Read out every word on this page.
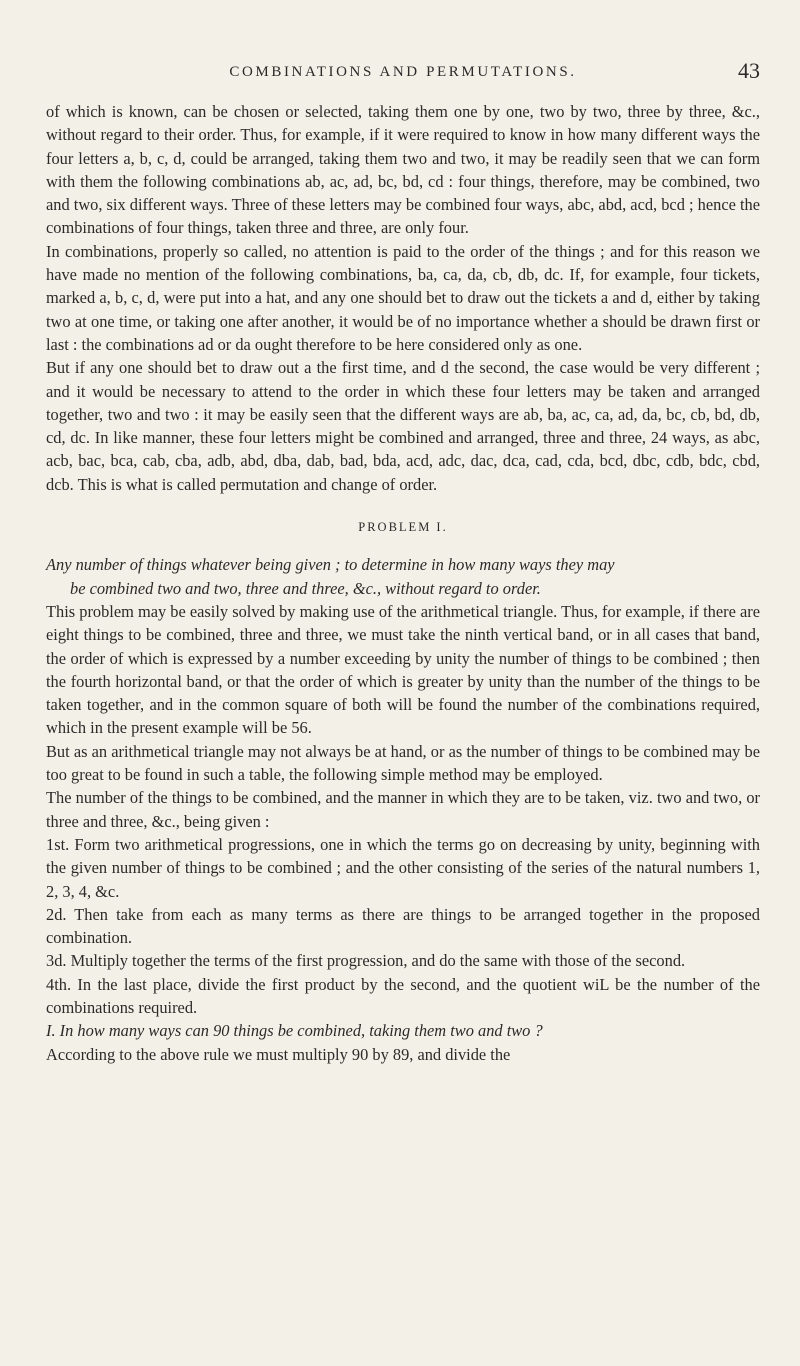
COMBINATIONS AND PERMUTATIONS.	43

of which is known, can be chosen or selected, taking them one by one, two by two, three by three, &c., without regard to their order. Thus, for example, if it were required to know in how many different ways the four letters a, b, c, d, could be arranged, taking them two and two, it may be readily seen that we can form with them the following combinations ab, ac, ad, bc, bd, cd : four things, therefore, may be combined, two and two, six different ways. Three of these letters may be combined four ways, abc, abd, acd, bcd ; hence the combinations of four things, taken three and three, are only four.

In combinations, properly so called, no attention is paid to the order of the things ; and for this reason we have made no mention of the following combinations, ba, ca, da, cb, db, dc. If, for example, four tickets, marked a, b, c, d, were put into a hat, and any one should bet to draw out the tickets a and d, either by taking two at one time, or taking one after another, it would be of no importance whether a should be drawn first or last : the combinations ad or da ought therefore to be here considered only as one.

But if any one should bet to draw out a the first time, and d the second, the case would be very different ; and it would be necessary to attend to the order in which these four letters may be taken and arranged together, two and two : it may be easily seen that the different ways are ab, ba, ac, ca, ad, da, bc, cb, bd, db, cd, dc. In like manner, these four letters might be combined and arranged, three and three, 24 ways, as abc, acb, bac, bca, cab, cba, adb, abd, dba, dab, bad, bda, acd, adc, dac, dca, cad, cda, bcd, dbc, cdb, bdc, cbd, dcb. This is what is called permutation and change of order.

PROBLEM I.

Any number of things whatever being given ; to determine in how many ways they may
be combined two and two, three and three, &c., without regard to order.

This problem may be easily solved by making use of the arithmetical triangle. Thus, for example, if there are eight things to be combined, three and three, we must take the ninth vertical band, or in all cases that band, the order of which is expressed by a number exceeding by unity the number of things to be combined ; then the fourth horizontal band, or that the order of which is greater by unity than the number of the things to be taken together, and in the common square of both will be found the number of the combinations required, which in the present example will be 56.

But as an arithmetical triangle may not always be at hand, or as the number of things to be combined may be too great to be found in such a table, the following simple method may be employed.

The number of the things to be combined, and the manner in which they are to be taken, viz. two and two, or three and three, &c., being given :

1st. Form two arithmetical progressions, one in which the terms go on decreasing by unity, beginning with the given number of things to be combined ; and the other consisting of the series of the natural numbers 1, 2, 3, 4, &c.

2d. Then take from each as many terms as there are things to be arranged together in the proposed combination.

3d. Multiply together the terms of the first progression, and do the same with those of the second.

4th. In the last place, divide the first product by the second, and the quotient wiL be the number of the combinations required.

I. In how many ways can 90 things be combined, taking them two and two ?

According to the above rule we must multiply 90 by 89, and divide the
